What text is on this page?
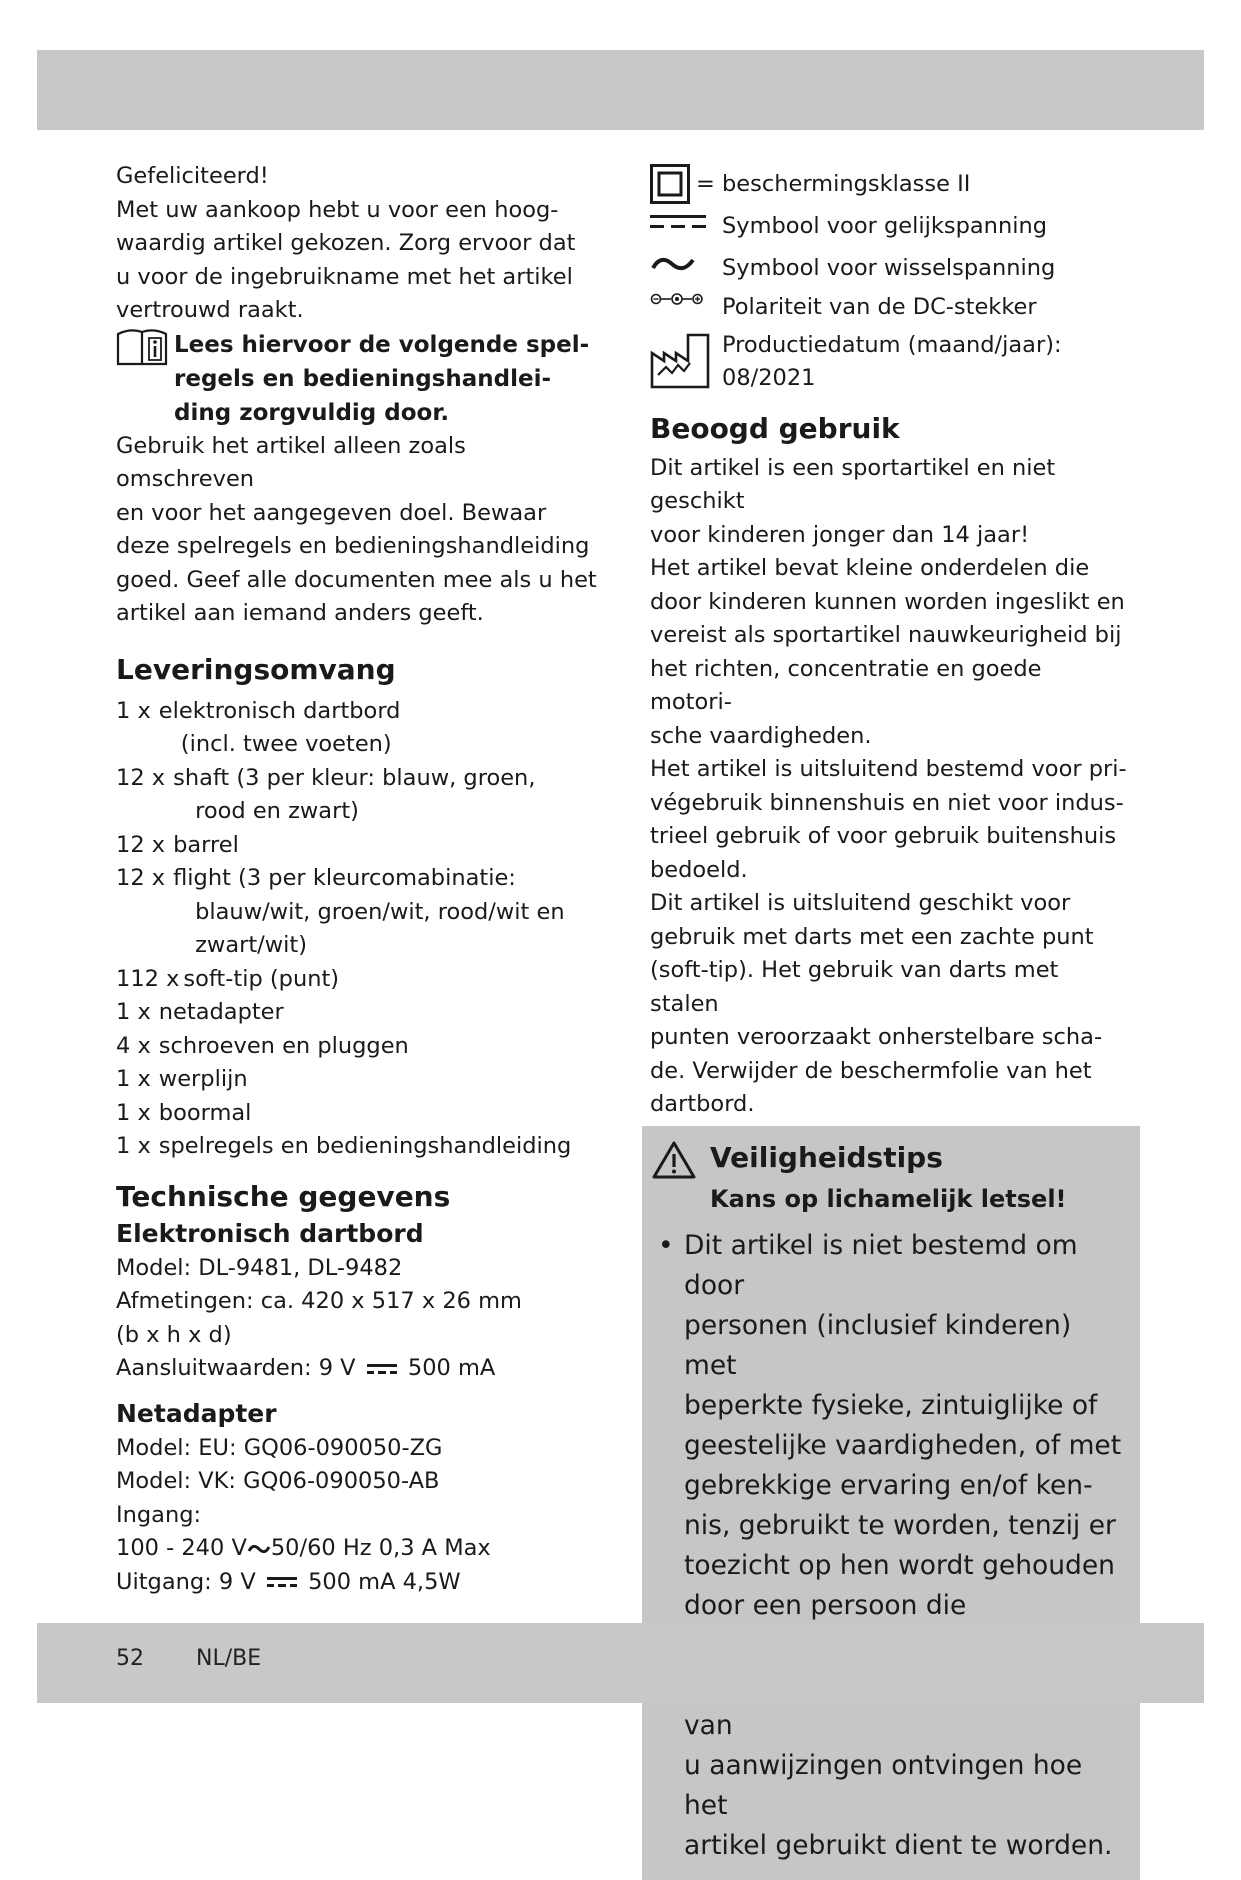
Gefeliciteerd!

Met uw aankoop hebt u voor een hoog-

waardig artikel gekozen. Zorg ervoor dat

u voor de ingebruikname met het artikel

vertrouwd raakt.

Lees hiervoor de volgende spel-
regels en bedieningshandlei-
ding zorgvuldig door.

Gebruik het artikel alleen zoals omschreven

en voor het aangegeven doel. Bewaar

deze spelregels en bedieningshandleiding

goed. Geef alle documenten mee als u het

artikel aan iemand anders geeft.

Leveringsomvang
1 x elektronisch dartbord
(incl. twee voeten)
12 x shaft (3 per kleur: blauw, groen,
rood en zwart)
12 x barrel
12 x flight (3 per kleurcomabinatie:
blauw/wit, groen/wit, rood/wit en
zwart/wit)
112 x soft-tip (punt)
1 x netadapter
4 x schroeven en pluggen
1 x werplijn
1 x boormal
1 x spelregels en bedieningshandleiding
Technische gegevens
Elektronisch dartbord

Model: DL-9481, DL-9482

Afmetingen: ca. 420 x 517 x 26 mm

(b x h x d)

Aansluitwaarden: 9 V 500 mA

Netadapter

Model: EU: GQ06-090050-ZG

Model: VK: GQ06-090050-AB

Ingang:

100 - 240 V 50/60 Hz 0,3 A Max

Uitgang: 9 V 500 mA 4,5W

= beschermingsklasse II
Symbool voor gelijkspanning
Symbool voor wisselspanning
Polariteit van de DC-stekker
Productiedatum (maand/jaar):
08/2021
Beoogd gebruik

Dit artikel is een sportartikel en niet geschikt

voor kinderen jonger dan 14 jaar!

Het artikel bevat kleine onderdelen die

door kinderen kunnen worden ingeslikt en

vereist als sportartikel nauwkeurigheid bij

het richten, concentratie en goede motori-

sche vaardigheden.

Het artikel is uitsluitend bestemd voor pri-

végebruik binnenshuis en niet voor indus-

trieel gebruik of voor gebruik buitenshuis

bedoeld.

Dit artikel is uitsluitend geschikt voor

gebruik met darts met een zachte punt

(soft-tip). Het gebruik van darts met stalen

punten veroorzaakt onherstelbare scha-

de. Verwijder de beschermfolie van het

dartbord.

Veiligheidstips
Kans op lichamelijk letsel!
• Dit artikel is niet bestemd om door
personen (inclusief kinderen) met
beperkte fysieke, zintuiglijke of
geestelijke vaardigheden, of met
gebrekkige ervaring en/of ken-
nis, gebruikt te worden, tenzij er
toezicht op hen wordt gehouden
door een persoon die
van
u aanwijzingen ontvingen hoe het
artikel gebruikt dient te worden.
52 NL/BE
